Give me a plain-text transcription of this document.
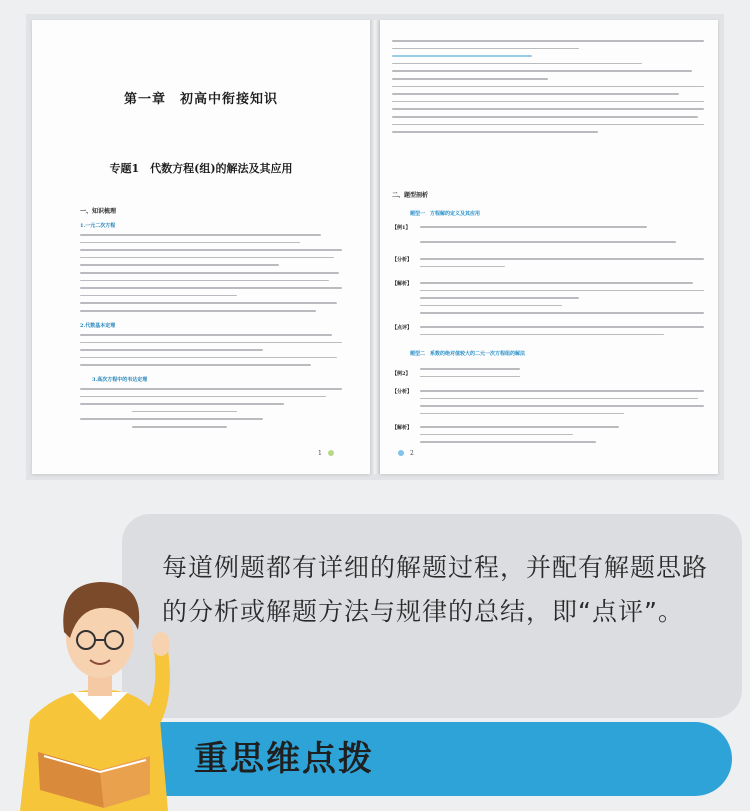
第一章　初高中衔接知识
专题1　代数方程(组)的解法及其应用
一、知识梳理
1.一元二次方程
2.代数基本定理
3.高次方程中的韦达定理
1
二、题型剖析
题型一　方程解的定义及其应用
【例1】
【分析】
【解析】
【点评】
题型二　系数的绝对值较大的二元一次方程组的解法
【例2】
【分析】
【解析】
2
每道例题都有详细的解题过程，并配有解题思路的分析或解题方法与规律的总结，即“点评”。
重思维点拨
